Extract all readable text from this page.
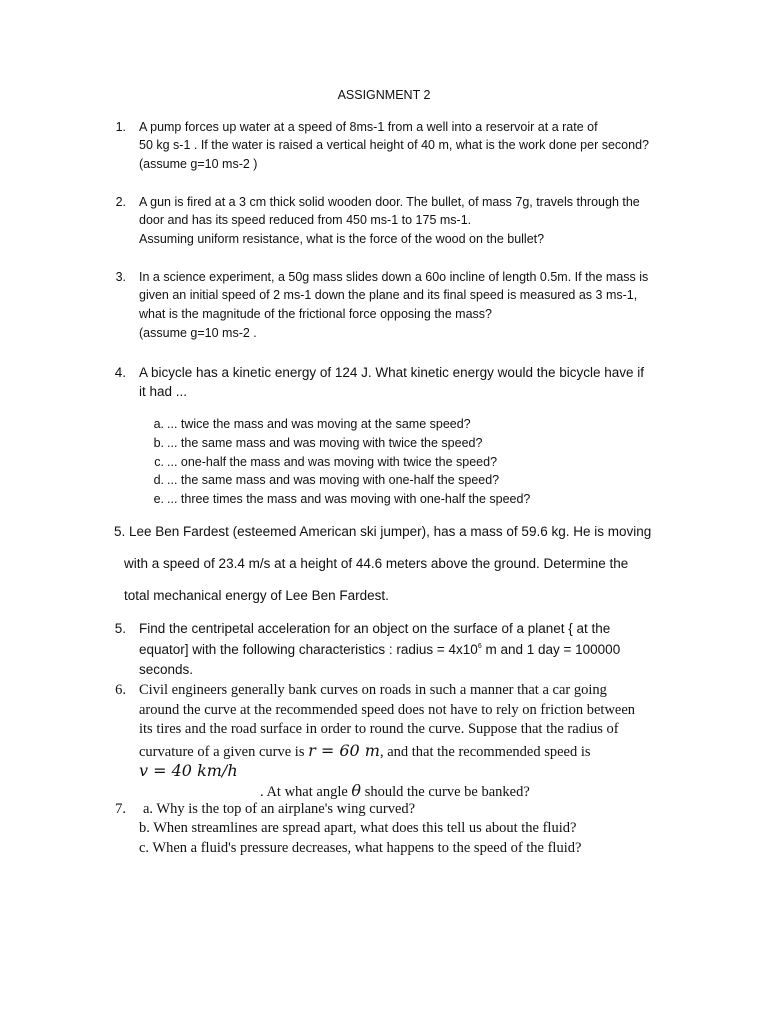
ASSIGNMENT 2

1. A pump forces up water at a speed of 8ms-1 from a well into a reservoir at a rate of
50 kg s-1 . If the water is raised a vertical height of 40 m, what is the work done per second?
(assume g=10 ms-2 )
2. A gun is fired at a 3 cm thick solid wooden door. The bullet, of mass 7g, travels through the
door and has its speed reduced from 450 ms-1 to 175 ms-1.
Assuming uniform resistance, what is the force of the wood on the bullet?
3. In a science experiment, a 50g mass slides down a 60o incline of length 0.5m. If the mass is
given an initial speed of 2 ms-1 down the plane and its final speed is measured as 3 ms-1,
what is the magnitude of the frictional force opposing the mass?
(assume g=10 ms-2 .
4. A bicycle has a kinetic energy of 124 J. What kinetic energy would the bicycle have if
it had ...
a. ... twice the mass and was moving at the same speed?
b. ... the same mass and was moving with twice the speed?
c. ... one-half the mass and was moving with twice the speed?
d. ... the same mass and was moving with one-half the speed?
e. ... three times the mass and was moving with one-half the speed?
5. Lee Ben Fardest (esteemed American ski jumper), has a mass of 59.6 kg. He is moving
with a speed of 23.4 m/s at a height of 44.6 meters above the ground. Determine the
total mechanical energy of Lee Ben Fardest.
5. Find the centripetal acceleration for an object on the surface of a planet { at the
equator] with the following characteristics : radius = $4x10^6$ m and 1 day = 100000
seconds.
6. Civil engineers generally bank curves on roads in such a manner that a car going
around the curve at the recommended speed does not have to rely on friction between
its tires and the road surface in order to round the curve. Suppose that the radius of
curvature of a given curve is r = 60 m, and that the recommended speed is
v = 40 km/h
. At what angle θ should the curve be banked?
7. a. Why is the top of an airplane's wing curved?
b. When streamlines are spread apart, what does this tell us about the fluid?
c. When a fluid's pressure decreases, what happens to the speed of the fluid?
